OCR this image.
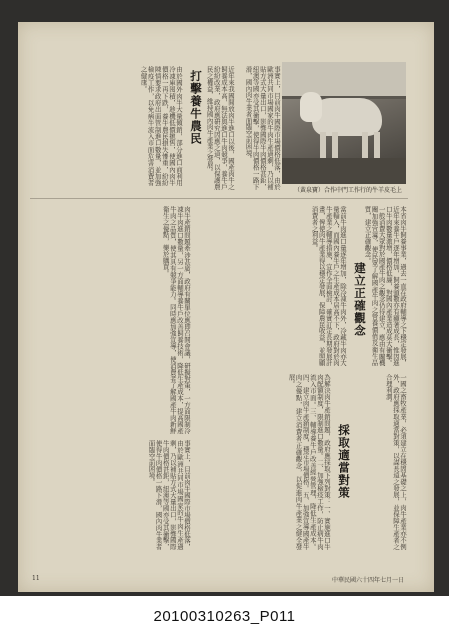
（黃泉寶）合作中門工作行的牛羊皮毛上
事實上，目前肉牛國際市場價格低落，由於歐洲共同市場國家的牛肉生產過剩，乃以補貼方式大量出口，影響國際牛肉價格甚鉅，紐澳等國亦受其衝擊，使得牛肉價格一路下滑，國內肉牛業者面臨空前困境。
近年來我國開放肉牛進口以後，國產肉牛之飼養成本高，無法與進口牛肉競爭，養牛戶紛紛改業，政府應研究因應之道，以保護農民之權益，維持國內肉牛產業之發展。
打擊養牛農民
由於國外肉牛大量傾銷，部分進口商利用冷凍庫囤積，趁機低價拋售，使國內肉牛價格一再下跌，養牛農民損失慘重，紛紛陳情要求政府出面管制進口數量，並加強檢疫工作，以免病牛流入市面危害消費者之健康。
建立正確觀念	本省肉牛飼養事業，過去一直在政府輔導之下穩定發展，近年來養牛戶逐年增加，飼養頭數亦有顯著成長，惟因進口牛肉數量激增，價格低廉，對國內產業造成莫大衝擊。一般消費大眾對於國產牛肉之觀念仍待建立，應由有關機關加強宣導，使民眾了解國產牛肉之營養價值及衛生品質，建立正確觀念。
當前牛肉進口量逐年增加，除冷凍牛肉外，冷藏牛肉亦大量輸入，而國內養牛戶之生產成本居高不下，政府對於肉牛產業之輔導措施，宜作全面檢討，確實訂定長期發展計畫，俾使肉牛產業得以穩定發展，保障農民收益，並照顧消費者之利益。
肉牛產銷問題牽涉甚廣，政府有關單位應即召開會議，研擬對策，一方面限制冷凍牛肉進口數量，另一方面輔導養牛戶改善飼養技術，降低生產成本，提高國產牛肉之品質，使其具有競爭能力。同時應加強宣導，使消費者了解國產牛肉新鮮衛生之優點，樂於購買。
採取適當對策	一國之畜牧產業，必須建立在穩固基礎之上，肉牛產業亦不例外，政府應採取適當對策，以謀長遠之發展，並保障生產者之合理利潤。
為解決肉牛產銷問題，政府應採取下列對策：一、實施進口牛肉配額制度，限制進口數量。二、加強檢疫工作，防止病牛肉流入市面。三、輔導養牛戶改善經營管理，降低生產成本。四、建立肉牛產銷制度，穩定市場價格。五、加強宣導國產牛肉之優點，建立消費者正確觀念，以促進肉牛產業之健全發展。
事實上，目前肉牛國際市場價格低落，由於歐洲共同市場國家的牛肉生產過剩，乃以補貼方式大量出口，影響國際牛肉價格甚鉅，紐澳等國亦受其衝擊，使得牛肉價格一路下滑，國內肉牛業者面臨空前困境。
11	中華民國六十四年七月一日
20100310263_P011
